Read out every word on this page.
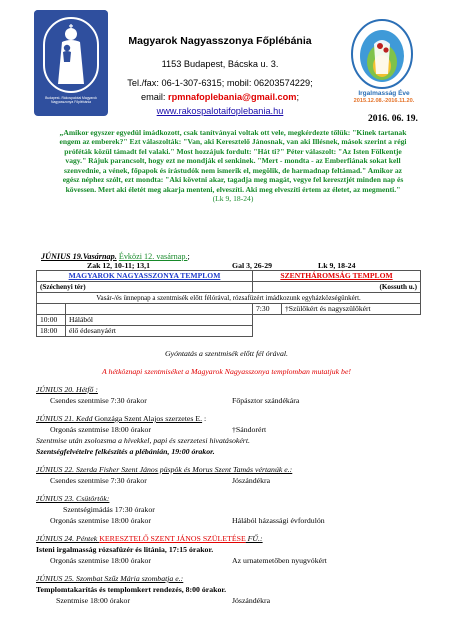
Budapest- Rákospalotai Magyarok Nagyasszonya Főplébánia
Irgalmasság Éve
2015.12.08.-2016.11.20.
Magyarok Nagyasszonya Főplébánia
1153 Budapest, Bácska u. 3.
Tel./fax: 06-1-307-6315; mobil: 06203574229;
email: rpmnafoplebania@gmail.com;
www.rakospalotaifoplebania.hu
2016. 06. 19.
„Amikor egyszer egyedül imádkozott, csak tanítványai voltak ott vele, megkérdezte tőlük: "Kinek tartanak engem az emberek?" Ezt válaszolták: "Van, aki Keresztelő Jánosnak, van aki Illésnek, mások szerint a régi próféták közül támadt fel valaki." Most hozzájuk fordult: "Hát ti?" Péter válaszolt: "Az Isten Fölkentje vagy." Rájuk parancsolt, hogy ezt ne mondják el senkinek. "Mert - mondta - az Emberfiának sokat kell szenvednie, a vének, főpapok és írástudók nem ismerik el, megölik, de harmadnap feltámad." Amikor az egész néphez szólt, ezt mondta: "Aki követni akar, tagadja meg magát, vegye fel keresztjét minden nap és kövessen. Mert aki életét meg akarja menteni, elveszíti. Aki meg elveszíti értem az életet, az megmenti."
(Lk 9, 18-24)
JÚNIUS 19.Vasárnap. Évközi 12. vasárnap.;
Zak 12, 10-11; 13,1	Gal 3, 26-29	Lk 9, 18-24
MAGYAROK NAGYASSZONYA TEMPLOM		SZENTHÁROMSÁG TEMPLOM	
(Széchenyi tér)		(Kossuth u.)	
Vasár-/és ünnepnap a szentmisék előtt félórával, rózsafüzért imádkozunk egyházközségünkért.			
		7:30	†Szülőkért és nagyszülőkért
10:00	Hálából		
18:00	élő édesanyáért		
Gyóntatás a szentmisék előtt fél órával.
A hétköznapi szentmiséket a Magyarok Nagyasszonya templomban mutatjuk be!
JÚNIUS 20. Hétfő :
Csendes szentmise 7:30 órakor	Főpásztor szándékára
JÚNIUS 21. Kedd Gonzága Szent Alajos szerzetes E. :
Orgonás szentmise 18:00 órakor	†Sándorért
Szentmise után zsolozsma a hívekkel, papi és szerzetesi hivatásokért.
Szentségfelvételre felkészítés a plébánián, 19:00 órakor.
JÚNIUS 22. Szerda Fisher Szent János püspök és Morus Szent Tamás vértanúk e.:
Csendes szentmise 7:30 órakor	Jószándékra
JÚNIUS 23. Csütörtök:
Szentségimádás 17:30 órakor
Orgonás szentmise 18:00 órakor	Hálából házassági évfordulón
JÚNIUS 24. Péntek KERESZTELŐ SZENT JÁNOS SZÜLETÉSE FŰ.:
Isteni irgalmasság rózsafüzér és litánia, 17:15 órakor.
Orgonás szentmise 18:00 órakor	Az urnatemetőben nyugvókért
JÚNIUS 25. Szombat Szűz Mária szombatja e.:
Templomtakarítás és templomkert rendezés, 8:00 órakor.
Szentmise 18:00 órakor	Jószándékra
